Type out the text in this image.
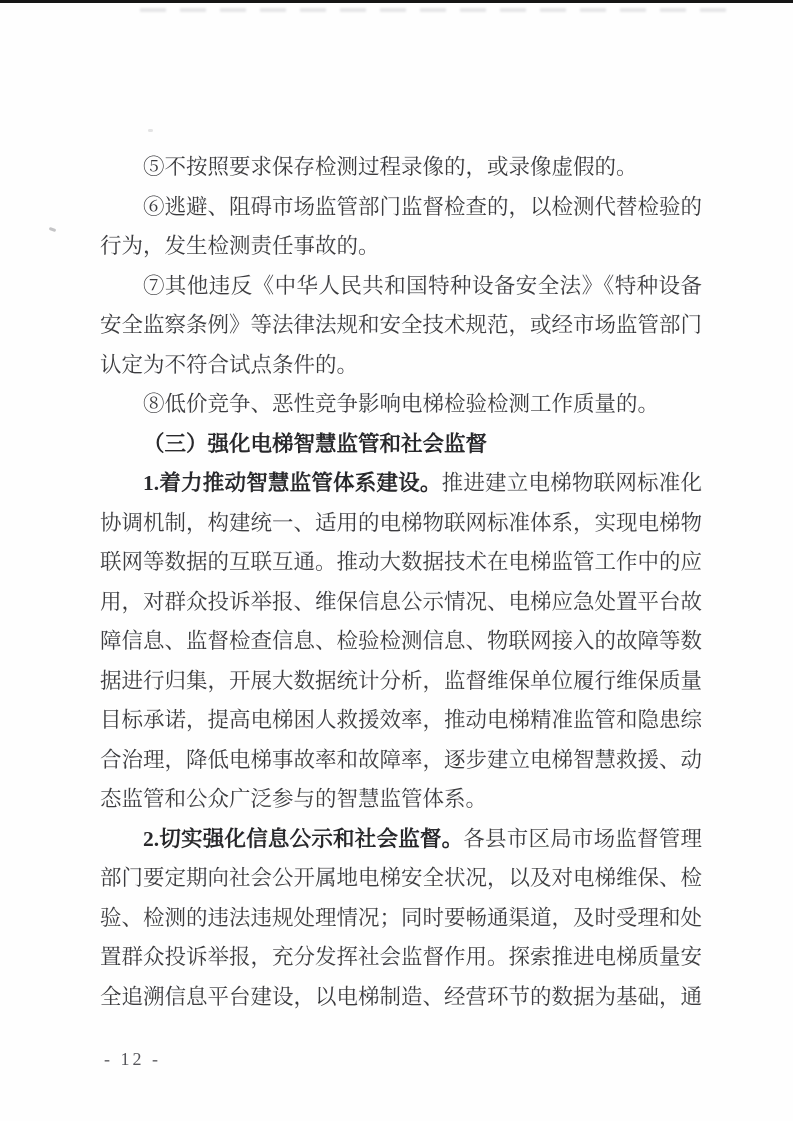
⑤不按照要求保存检测过程录像的，或录像虚假的。

⑥逃避、阻碍市场监管部门监督检查的，以检测代替检验的行为，发生检测责任事故的。

⑦其他违反《中华人民共和国特种设备安全法》《特种设备安全监察条例》等法律法规和安全技术规范，或经市场监管部门认定为不符合试点条件的。

⑧低价竞争、恶性竞争影响电梯检验检测工作质量的。

（三）强化电梯智慧监管和社会监督

1.着力推动智慧监管体系建设。推进建立电梯物联网标准化协调机制，构建统一、适用的电梯物联网标准体系，实现电梯物联网等数据的互联互通。推动大数据技术在电梯监管工作中的应用，对群众投诉举报、维保信息公示情况、电梯应急处置平台故障信息、监督检查信息、检验检测信息、物联网接入的故障等数据进行归集，开展大数据统计分析，监督维保单位履行维保质量目标承诺，提高电梯困人救援效率，推动电梯精准监管和隐患综合治理，降低电梯事故率和故障率，逐步建立电梯智慧救援、动态监管和公众广泛参与的智慧监管体系。

2.切实强化信息公示和社会监督。各县市区局市场监督管理部门要定期向社会公开属地电梯安全状况，以及对电梯维保、检验、检测的违法违规处理情况；同时要畅通渠道，及时受理和处置群众投诉举报，充分发挥社会监督作用。探索推进电梯质量安全追溯信息平台建设，以电梯制造、经营环节的数据为基础，通

- 12 -
